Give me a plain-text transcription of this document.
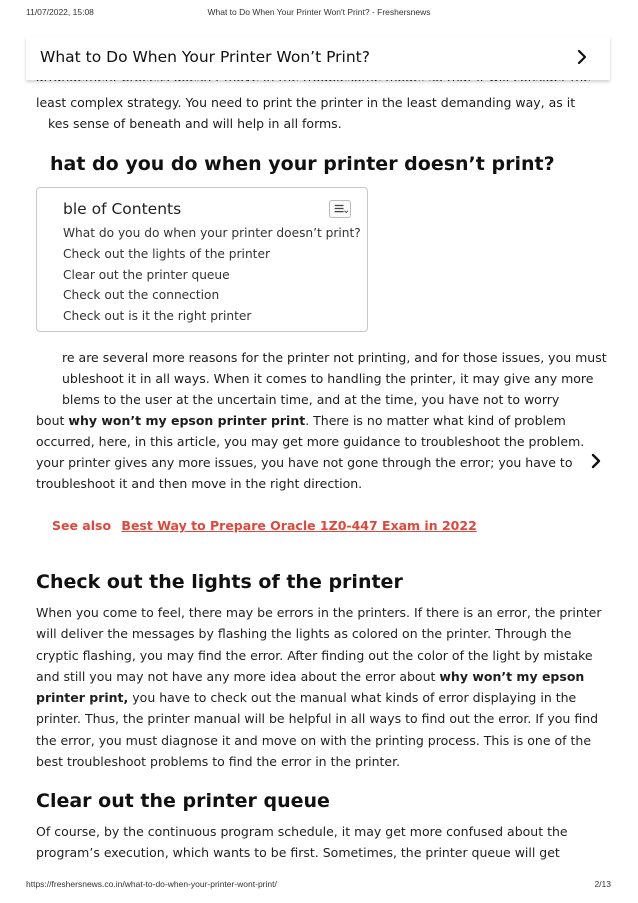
11/07/2022, 15:08	What to Do When Your Printer Won't Print? - Freshersnews
What to Do When Your Printer Won’t Print?
least complex strategy. You need to print the printer in the least demanding way, as it
kes sense of beneath and will help in all forms.
hat do you do when your printer doesn’t print?
ble of Contents
What do you do when your printer doesn’t print?
Check out the lights of the printer
Clear out the printer queue
Check out the connection
Check out is it the right printer
re are several more reasons for the printer not printing, and for those issues, you must
ubleshoot it in all ways. When it comes to handling the printer, it may give any more
blems to the user at the uncertain time, and at the time, you have not to worry
bout why won’t my epson printer print. There is no matter what kind of problem
occurred, here, in this article, you may get more guidance to troubleshoot the problem.
your printer gives any more issues, you have not gone through the error; you have to
troubleshoot it and then move in the right direction.
See also Best Way to Prepare Oracle 1Z0-447 Exam in 2022
Check out the lights of the printer

When you come to feel, there may be errors in the printers. If there is an error, the printer will deliver the messages by flashing the lights as colored on the printer. Through the cryptic flashing, you may find the error. After finding out the color of the light by mistake and still you may not have any more idea about the error about why won’t my epson printer print, you have to check out the manual what kinds of error displaying in the printer. Thus, the printer manual will be helpful in all ways to find out the error. If you find the error, you must diagnose it and move on with the printing process. This is one of the best troubleshoot problems to find the error in the printer.

Clear out the printer queue

Of course, by the continuous program schedule, it may get more confused about the program’s execution, which wants to be first. Sometimes, the printer queue will get

https://freshersnews.co.in/what-to-do-when-your-printer-wont-print/	2/13
